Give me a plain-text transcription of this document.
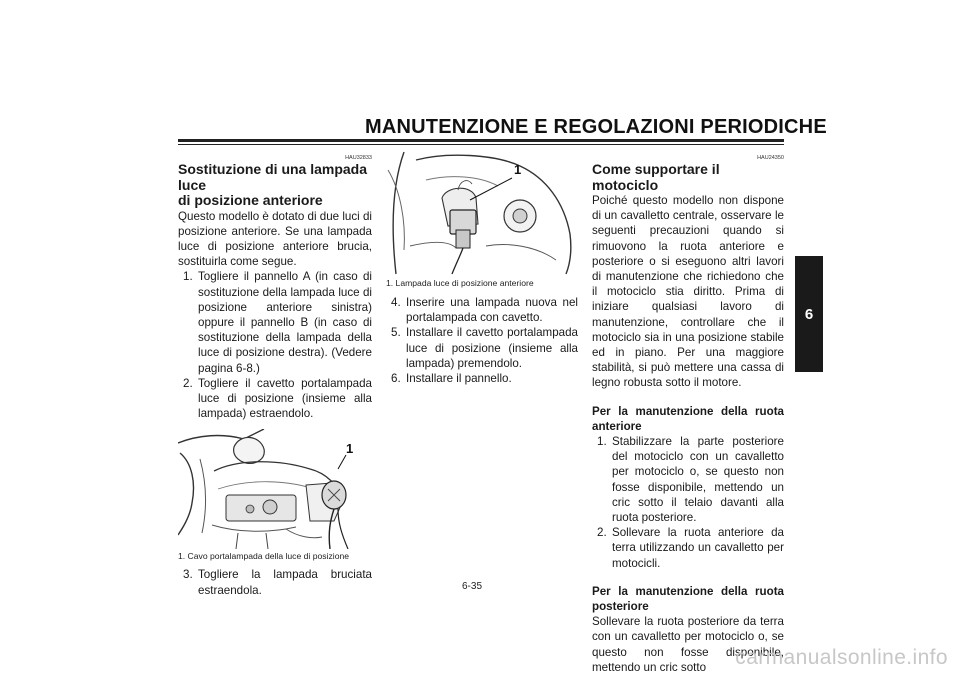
MANUTENZIONE E REGOLAZIONI PERIODICHE
6
HAU32833
Sostituzione di una lampada luce
di posizione anteriore

Questo modello è dotato di due luci di posizione anteriore. Se una lampada luce di posizione anteriore brucia, sostituirla come segue.

1. Togliere il pannello A (in caso di sostituzione della lampada luce di posizione anteriore sinistra) oppure il pannello B (in caso di sostituzione della lampada della luce di posizione destra). (Vedere pagina 6-8.)
2. Togliere il cavetto portalampada luce di posizione (insieme alla lampada) estraendolo.
1
1. Cavo portalampada della luce di posizione
3. Togliere la lampada bruciata estraendola.
1
1. Lampada luce di posizione anteriore
4. Inserire una lampada nuova nel portalampada con cavetto.
5. Installare il cavetto portalampada luce di posizione (insieme alla lampada) premendolo.
6. Installare il pannello.
HAU24350
Come supportare il motociclo

Poiché questo modello non dispone di un cavalletto centrale, osservare le seguenti precauzioni quando si rimuovono la ruota anteriore e posteriore o si eseguono altri lavori di manutenzione che richiedono che il motociclo stia diritto. Prima di iniziare qualsiasi lavoro di manutenzione, controllare che il motociclo sia in una posizione stabile ed in piano. Per una maggiore stabilità, si può mettere una cassa di legno robusta sotto il motore.

Per la manutenzione della ruota anteriore
1. Stabilizzare la parte posteriore del motociclo con un cavalletto per motociclo o, se questo non fosse disponibile, mettendo un cric sotto il telaio davanti alla ruota posteriore.
2. Sollevare la ruota anteriore da terra utilizzando un cavalletto per motocicli.
Per la manutenzione della ruota posteriore

Sollevare la ruota posteriore da terra con un cavalletto per motociclo o, se questo non fosse disponibile, mettendo un cric sotto

6-35
carmanualsonline.info
